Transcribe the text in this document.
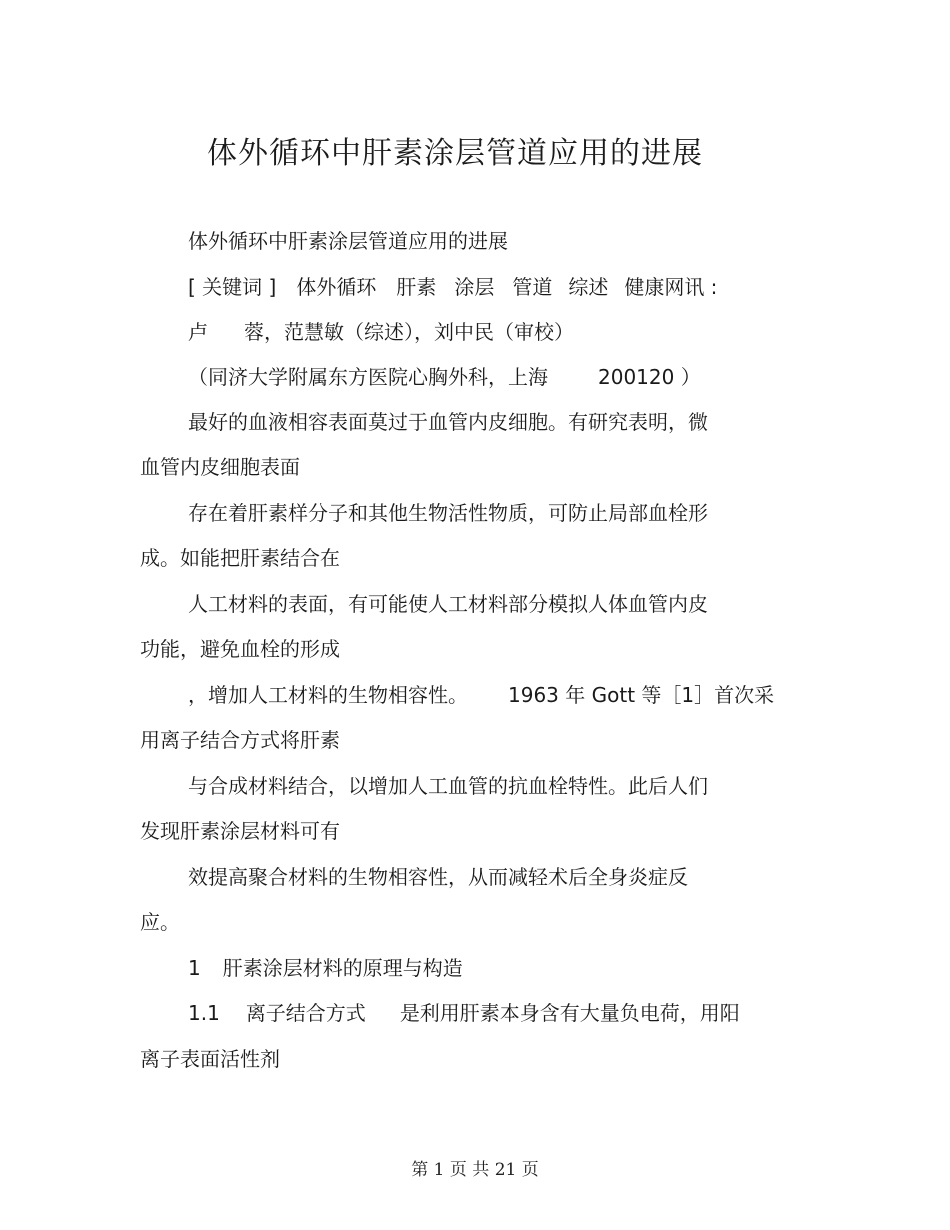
体外循环中肝素涂层管道应用的进展
体外循环中肝素涂层管道应用的进展
[ 关键词 ] 体外循环 肝素 涂层 管道 综述 健康网讯 :
卢 蓉，范慧敏（综述），刘中民（审校）
（同济大学附属东方医院心胸外科，上海	200120 ）
最好的血液相容表面莫过于血管内皮细胞。有研究表明，微
血管内皮细胞表面
存在着肝素样分子和其他生物活性物质，可防止局部血栓形
成。如能把肝素结合在
人工材料的表面，有可能使人工材料部分模拟人体血管内皮
功能，避免血栓的形成
，增加人工材料的生物相容性。 1963 年 Gott 等［1］首次采
用离子结合方式将肝素
与合成材料结合，以增加人工血管的抗血栓特性。此后人们
发现肝素涂层材料可有
效提高聚合材料的生物相容性，从而减轻术后全身炎症反
应。
1 肝素涂层材料的原理与构造
1.1 离子结合方式 是利用肝素本身含有大量负电荷，用阳
离子表面活性剂
第 1 页 共 21 页
